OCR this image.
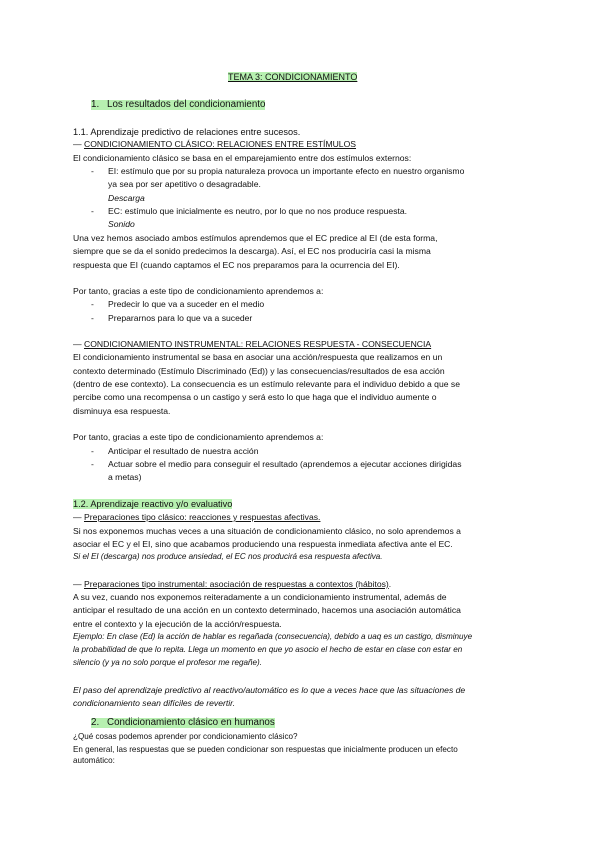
TEMA 3: CONDICIONAMIENTO
1. Los resultados del condicionamiento
1.1. Aprendizaje predictivo de relaciones entre sucesos.
— CONDICIONAMIENTO CLÁSICO: RELACIONES ENTRE ESTÍMULOS
El condicionamiento clásico se basa en el emparejamiento entre dos estímulos externos:
- EI: estímulo que por su propia naturaleza provoca un importante efecto en nuestro organismo
ya sea por ser apetitivo o desagradable.
Descarga
- EC: estímulo que inicialmente es neutro, por lo que no nos produce respuesta.
Sonido
Una vez hemos asociado ambos estímulos aprendemos que el EC predice al EI (de esta forma,
siempre que se da el sonido predecimos la descarga). Así, el EC nos produciría casi la misma
respuesta que EI (cuando captamos el EC nos preparamos para la ocurrencia del EI).
Por tanto, gracias a este tipo de condicionamiento aprendemos a:
- Predecir lo que va a suceder en el medio
- Prepararnos para lo que va a suceder
— CONDICIONAMIENTO INSTRUMENTAL: RELACIONES RESPUESTA - CONSECUENCIA
El condicionamiento instrumental se basa en asociar una acción/respuesta que realizamos en un
contexto determinado (Estímulo Discriminado (Ed)) y las consecuencias/resultados de esa acción
(dentro de ese contexto). La consecuencia es un estímulo relevante para el individuo debido a que se
percibe como una recompensa o un castigo y será esto lo que haga que el individuo aumente o
disminuya esa respuesta.
Por tanto, gracias a este tipo de condicionamiento aprendemos a:
- Anticipar el resultado de nuestra acción
- Actuar sobre el medio para conseguir el resultado (aprendemos a ejecutar acciones dirigidas
a metas)
1.2. Aprendizaje reactivo y/o evaluativo
— Preparaciones tipo clásico: reacciones y respuestas afectivas.
Si nos exponemos muchas veces a una situación de condicionamiento clásico, no solo aprendemos a
asociar el EC y el EI, sino que acabamos produciendo una respuesta inmediata afectiva ante el EC.
Si el EI (descarga) nos produce ansiedad, el EC nos producirá esa respuesta afectiva.
— Preparaciones tipo instrumental: asociación de respuestas a contextos (hábitos).
A su vez, cuando nos exponemos reiteradamente a un condicionamiento instrumental, además de
anticipar el resultado de una acción en un contexto determinado, hacemos una asociación automática
entre el contexto y la ejecución de la acción/respuesta.
Ejemplo: En clase (Ed) la acción de hablar es regañada (consecuencia), debido a uaq es un castigo, disminuye
la probabilidad de que lo repita. Llega un momento en que yo asocio el hecho de estar en clase con estar en
silencio (y ya no solo porque el profesor me regañe).
El paso del aprendizaje predictivo al reactivo/automático es lo que a veces hace que las situaciones de
condicionamiento sean difíciles de revertir.
2. Condicionamiento clásico en humanos
¿Qué cosas podemos aprender por condicionamiento clásico?
En general, las respuestas que se pueden condicionar son respuestas que inicialmente producen un efecto
automático:
